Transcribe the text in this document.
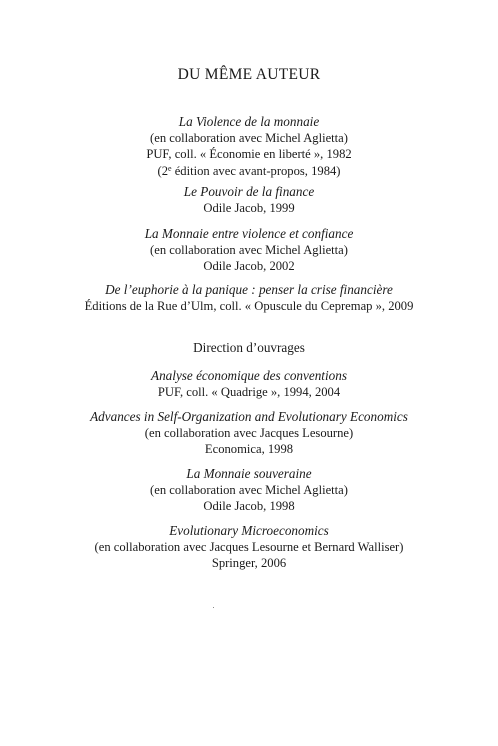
DU MÊME AUTEUR
La Violence de la monnaie
(en collaboration avec Michel Aglietta)
PUF, coll. « Économie en liberté », 1982
(2e édition avec avant-propos, 1984)
Le Pouvoir de la finance
Odile Jacob, 1999
La Monnaie entre violence et confiance
(en collaboration avec Michel Aglietta)
Odile Jacob, 2002
De l’euphorie à la panique : penser la crise financière
Éditions de la Rue d’Ulm, coll. « Opuscule du Cepremap », 2009
Direction d’ouvrages
Analyse économique des conventions
PUF, coll. « Quadrige », 1994, 2004
Advances in Self-Organization and Evolutionary Economics
(en collaboration avec Jacques Lesourne)
Economica, 1998
La Monnaie souveraine
(en collaboration avec Michel Aglietta)
Odile Jacob, 1998
Evolutionary Microeconomics
(en collaboration avec Jacques Lesourne et Bernard Walliser)
Springer, 2006
